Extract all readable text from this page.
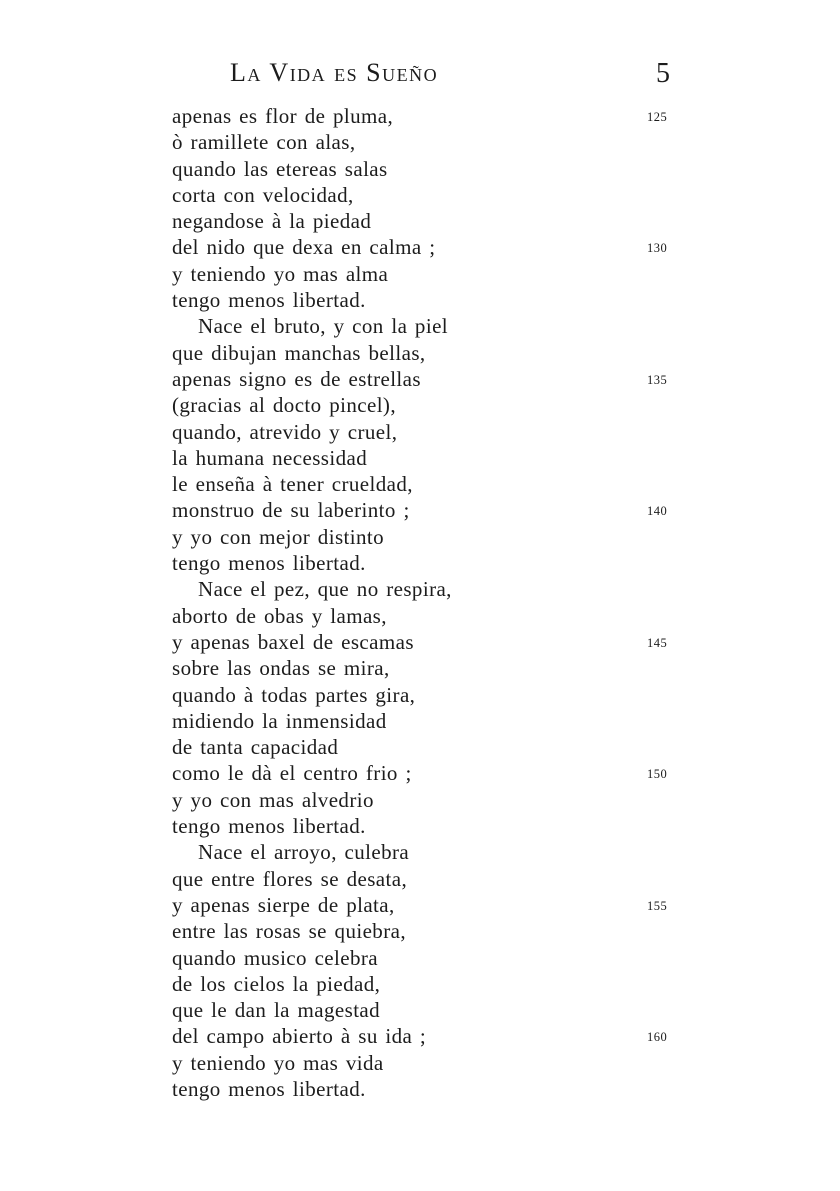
La Vida es Sueño	5
apenas es flor de pluma,	125
ò ramillete con alas,
quando las etereas salas
corta con velocidad,
negandose à la piedad
del nido que dexa en calma ;	130
y teniendo yo mas alma
tengo menos libertad.
Nace el bruto, y con la piel
que dibujan manchas bellas,
apenas signo es de estrellas	135
(gracias al docto pincel),
quando, atrevido y cruel,
la humana necessidad
le enseña à tener crueldad,
monstruo de su laberinto ;	140
y yo con mejor distinto
tengo menos libertad.
Nace el pez, que no respira,
aborto de obas y lamas,
y apenas baxel de escamas	145
sobre las ondas se mira,
quando à todas partes gira,
midiendo la inmensidad
de tanta capacidad
como le dà el centro frio ;	150
y yo con mas alvedrio
tengo menos libertad.
Nace el arroyo, culebra
que entre flores se desata,
y apenas sierpe de plata,	155
entre las rosas se quiebra,
quando musico celebra
de los cielos la piedad,
que le dan la magestad
del campo abierto à su ida ;	160
y teniendo yo mas vida
tengo menos libertad.
